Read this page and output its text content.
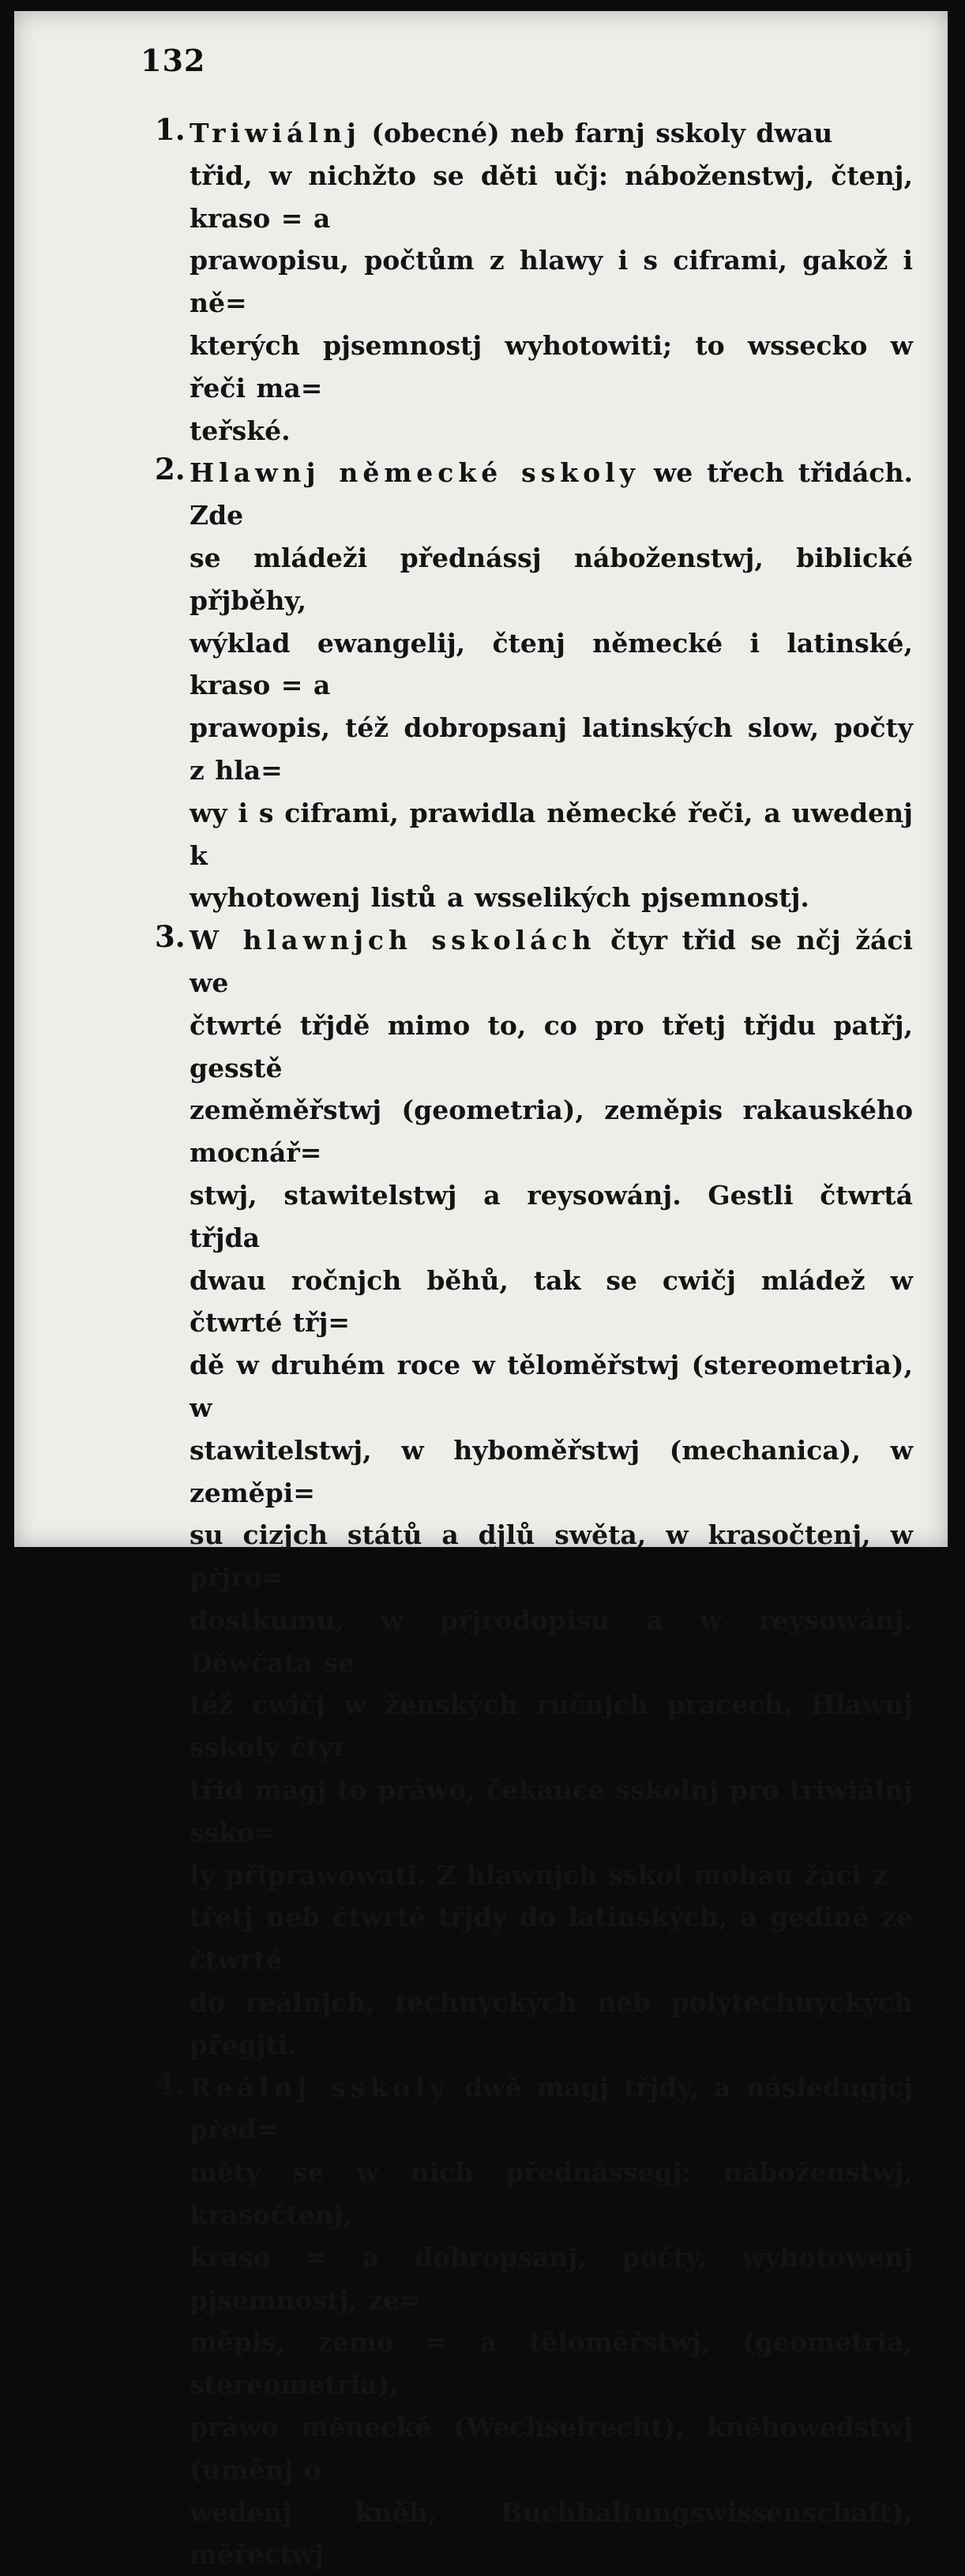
132
1. Triwiálnj (obecné) neb farnj sskoly dwau
třid, w nichžto se děti učj: náboženstwj, čtenj, kraso = a
prawopisu, počtům z hlawy i s ciframi, gakož i ně=
kterých pjsemnostj wyhotowiti; to wsseckо w řeči ma=
teřské.
2. Hlawnj německé sskoly we třech třidách. Zde
se mládeži přednássj náboženstwj, biblické přjběhy,
wýklad ewangelij, čtenj německé i latinské, kraso = a
prawopis, též dobropsanj latinských slow, počty z hla=
wy i s ciframi, prawidla německé řeči, a uwedenj k
wyhotowenj listů a wsselikých pjsemnostj.
3. W hlawnjch sskolách čtyr třid se nčj žáci we
čtwrté třjdě mimo to, co pro třetj třjdu patřj, gesstě
zeměměřstwj (geometria), zeměpis rakauského mocnář=
stwj, stawitelstwj a reysowánj. Gestli čtwrtá třjda
dwau ročnjch běhů, tak se cwičj mládež w čtwrté třj=
dě w druhém roce w těloměřstwj (stereometria), w
stawitelstwj, w hyboměřstwj (mechanica), w zeměpi=
su cizjch států a djlů swěta, w krasočtenj, w přjro=
dostkumu, w přjrodopisu a w reysowánj. Děwčata se
též cwičj w ženských ručnjch pracech. Hlawnj sskoly čtyr
třid magj to práwo, čekauce sskolnj pro triwiálnj ssko=
ly připrawowati. Z hlawnjch sskol mohau žáci z
třetj neb čtwrté třjdy do latinských, a gediné ze čtwrté
do reálnjch, techuyckých neb polytechuyckých přegjti.
4. Reálnj sskoly dwě magj třjdy, a následugjcj před=
měty se w nich přednássegj: náboženstwj, krasočtenj,
kraso = a dobropsanj, počty, wyhotowenj pjsemnostj, ze=
měpis, zemo = a těloměřstwj, (geometria, stereometria),
práwo měnecké (Wechselrecht), kněhowedstwj (uměnj o
wedenj kněh, Buchhaltungswissenschaft), měřectwj
